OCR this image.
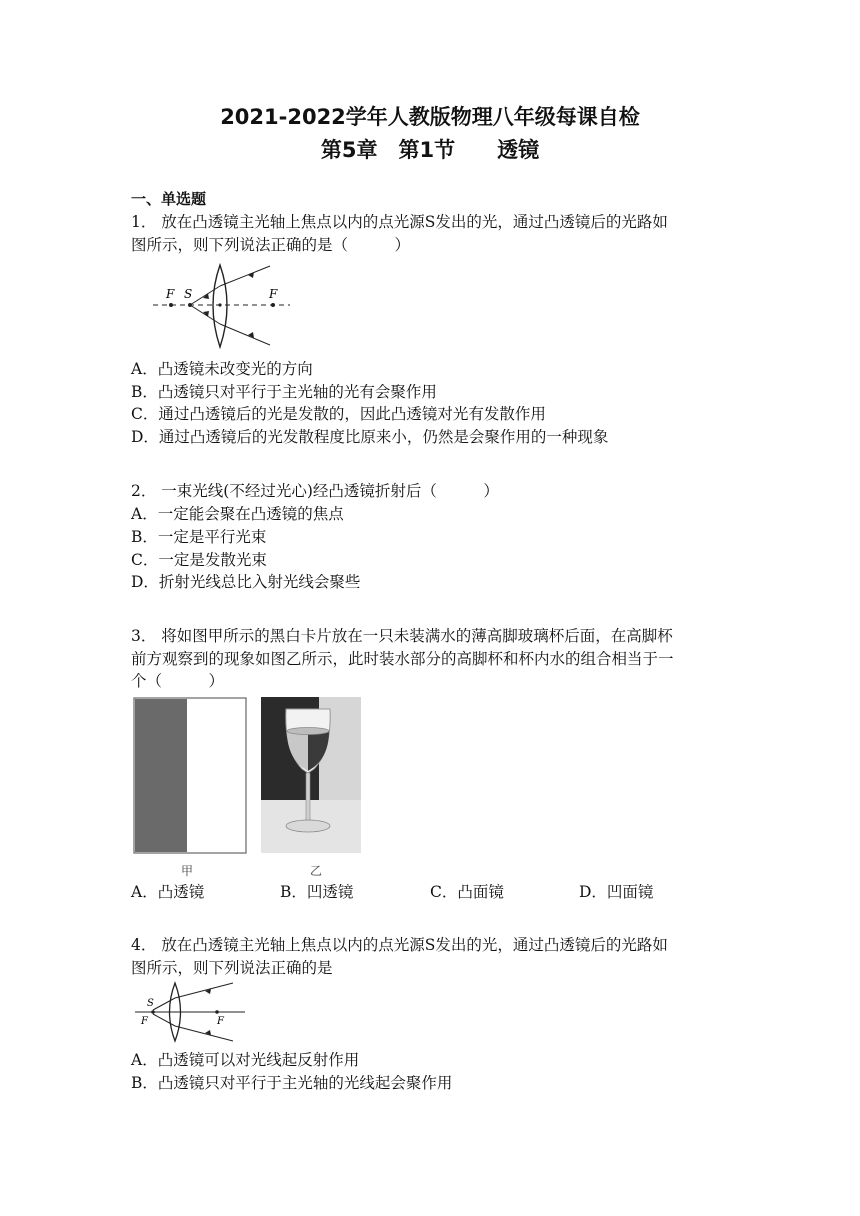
2021-2022学年人教版物理八年级每课自检
第5章　第1节　　透镜
一、单选题
1． 放在凸透镜主光轴上焦点以内的点光源S发出的光，通过凸透镜后的光路如
图所示，则下列说法正确的是（　　　）
F S	F
A．凸透镜未改变光的方向
B．凸透镜只对平行于主光轴的光有会聚作用
C．通过凸透镜后的光是发散的，因此凸透镜对光有发散作用
D．通过凸透镜后的光发散程度比原来小，仍然是会聚作用的一种现象
2． 一束光线(不经过光心)经凸透镜折射后（　　　）
A．一定能会聚在凸透镜的焦点
B．一定是平行光束
C．一定是发散光束
D．折射光线总比入射光线会聚些
3． 将如图甲所示的黑白卡片放在一只未装满水的薄高脚玻璃杯后面，在高脚杯
前方观察到的现象如图乙所示，此时装水部分的高脚杯和杯内水的组合相当于一
个（　　　）
甲	乙
A．凸透镜	B．凹透镜	C．凸面镜	D．凹面镜
4． 放在凸透镜主光轴上焦点以内的点光源S发出的光，通过凸透镜后的光路如
图所示，则下列说法正确的是
S
F	F
A．凸透镜可以对光线起反射作用
B．凸透镜只对平行于主光轴的光线起会聚作用
